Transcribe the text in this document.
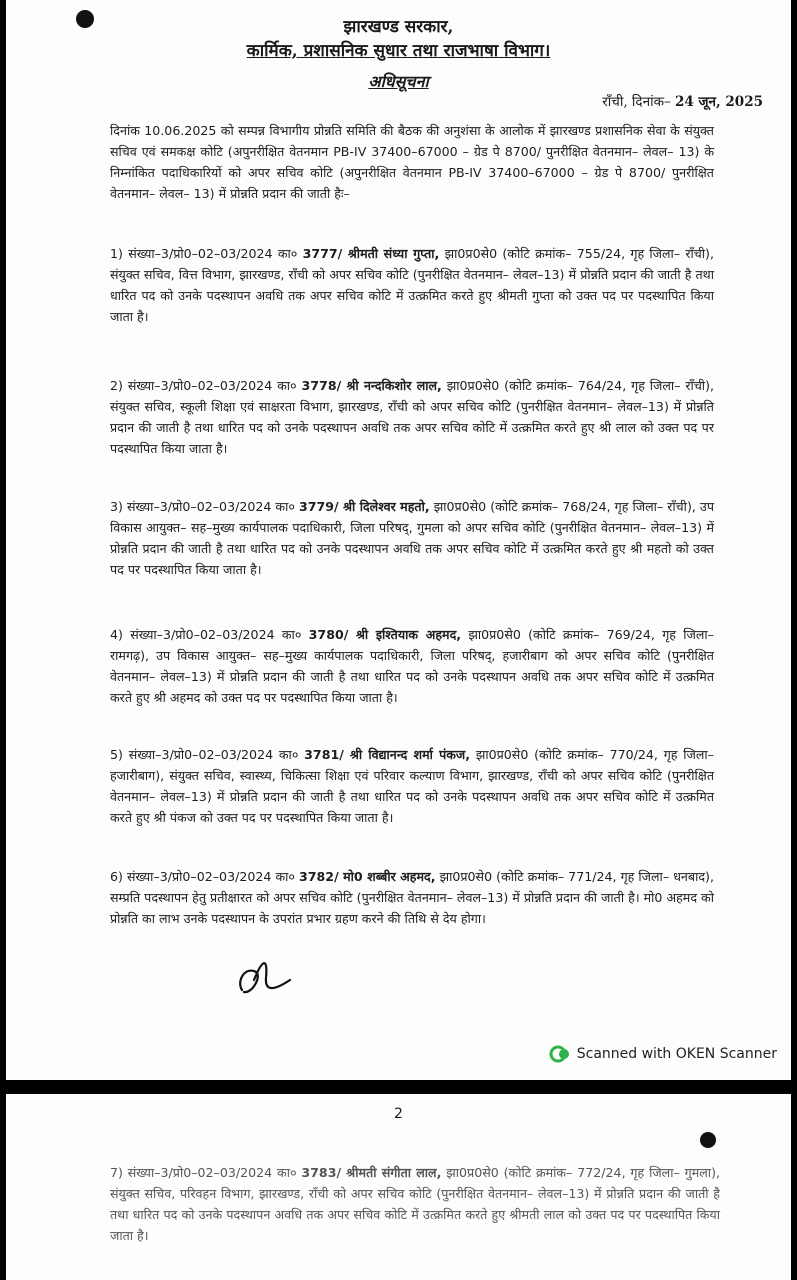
झारखण्ड सरकार,
कार्मिक, प्रशासनिक सुधार तथा राजभाषा विभाग।
अधिसूचना
राँची, दिनांक– 24 जून, 2025
दिनांक 10.06.2025 को सम्पन्न विभागीय प्रोन्नति समिति की बैठक की अनुशंसा के आलोक में झारखण्ड प्रशासनिक सेवा के संयुक्त सचिव एवं समकक्ष कोटि (अपुनरीक्षित वेतनमान PB-IV 37400–67000 – ग्रेड पे 8700/ पुनरीक्षित वेतनमान– लेवल– 13) के निम्नांकित पदाधिकारियों को अपर सचिव कोटि (अपुनरीक्षित वेतनमान PB-IV 37400–67000 – ग्रेड पे 8700/ पुनरीक्षित वेतनमान– लेवल– 13) में प्रोन्नति प्रदान की जाती हैः–
1) संख्या–3/प्रो0–02–03/2024 का० 3777/ श्रीमती संध्या गुप्ता, झा0प्र0से0 (कोटि क्रमांक– 755/24, गृह जिला– राँची), संयुक्त सचिव, वित्त विभाग, झारखण्ड, राँची को अपर सचिव कोटि (पुनरीक्षित वेतनमान– लेवल–13) में प्रोन्नति प्रदान की जाती है तथा धारित पद को उनके पदस्थापन अवधि तक अपर सचिव कोटि में उत्क्रमित करते हुए श्रीमती गुप्ता को उक्त पद पर पदस्थापित किया जाता है।
2) संख्या–3/प्रो0–02–03/2024 का० 3778/ श्री नन्दकिशोर लाल, झा0प्र0से0 (कोटि क्रमांक– 764/24, गृह जिला– राँची), संयुक्त सचिव, स्कूली शिक्षा एवं साक्षरता विभाग, झारखण्ड, राँची को अपर सचिव कोटि (पुनरीक्षित वेतनमान– लेवल–13) में प्रोन्नति प्रदान की जाती है तथा धारित पद को उनके पदस्थापन अवधि तक अपर सचिव कोटि में उत्क्रमित करते हुए श्री लाल को उक्त पद पर पदस्थापित किया जाता है।
3) संख्या–3/प्रो0–02–03/2024 का० 3779/ श्री दिलेश्वर महतो, झा0प्र0से0 (कोटि क्रमांक– 768/24, गृह जिला– राँची), उप विकास आयुक्त– सह–मुख्य कार्यपालक पदाधिकारी, जिला परिषद्, गुमला को अपर सचिव कोटि (पुनरीक्षित वेतनमान– लेवल–13) में प्रोन्नति प्रदान की जाती है तथा धारित पद को उनके पदस्थापन अवधि तक अपर सचिव कोटि में उत्क्रमित करते हुए श्री महतो को उक्त पद पर पदस्थापित किया जाता है।
4) संख्या–3/प्रो0–02–03/2024 का० 3780/ श्री इश्तियाक अहमद, झा0प्र0से0 (कोटि क्रमांक– 769/24, गृह जिला– रामगढ़), उप विकास आयुक्त– सह–मुख्य कार्यपालक पदाधिकारी, जिला परिषद्, हजारीबाग को अपर सचिव कोटि (पुनरीक्षित वेतनमान– लेवल–13) में प्रोन्नति प्रदान की जाती है तथा धारित पद को उनके पदस्थापन अवधि तक अपर सचिव कोटि में उत्क्रमित करते हुए श्री अहमद को उक्त पद पर पदस्थापित किया जाता है।
5) संख्या–3/प्रो0–02–03/2024 का० 3781/ श्री विद्यानन्द शर्मा पंकज, झा0प्र0से0 (कोटि क्रमांक– 770/24, गृह जिला– हजारीबाग), संयुक्त सचिव, स्वास्थ्य, चिकित्सा शिक्षा एवं परिवार कल्याण विभाग, झारखण्ड, राँची को अपर सचिव कोटि (पुनरीक्षित वेतनमान– लेवल–13) में प्रोन्नति प्रदान की जाती है तथा धारित पद को उनके पदस्थापन अवधि तक अपर सचिव कोटि में उत्क्रमित करते हुए श्री पंकज को उक्त पद पर पदस्थापित किया जाता है।
6) संख्या–3/प्रो0–02–03/2024 का० 3782/ मो0 शब्बीर अहमद, झा0प्र0से0 (कोटि क्रमांक– 771/24, गृह जिला– धनबाद), सम्प्रति पदस्थापन हेतु प्रतीक्षारत को अपर सचिव कोटि (पुनरीक्षित वेतनमान– लेवल–13) में प्रोन्नति प्रदान की जाती है। मो0 अहमद को प्रोन्नति का लाभ उनके पदस्थापन के उपरांत प्रभार ग्रहण करने की तिथि से देय होगा।
Scanned with OKEN Scanner
2
7) संख्या–3/प्रो0–02–03/2024 का० 3783/ श्रीमती संगीता लाल, झा0प्र0से0 (कोटि क्रमांक– 772/24, गृह जिला– गुमला), संयुक्त सचिव, परिवहन विभाग, झारखण्ड, राँची को अपर सचिव कोटि (पुनरीक्षित वेतनमान– लेवल–13) में प्रोन्नति प्रदान की जाती है तथा धारित पद को उनके पदस्थापन अवधि तक अपर सचिव कोटि में उत्क्रमित करते हुए श्रीमती लाल को उक्त पद पर पदस्थापित किया जाता है।
